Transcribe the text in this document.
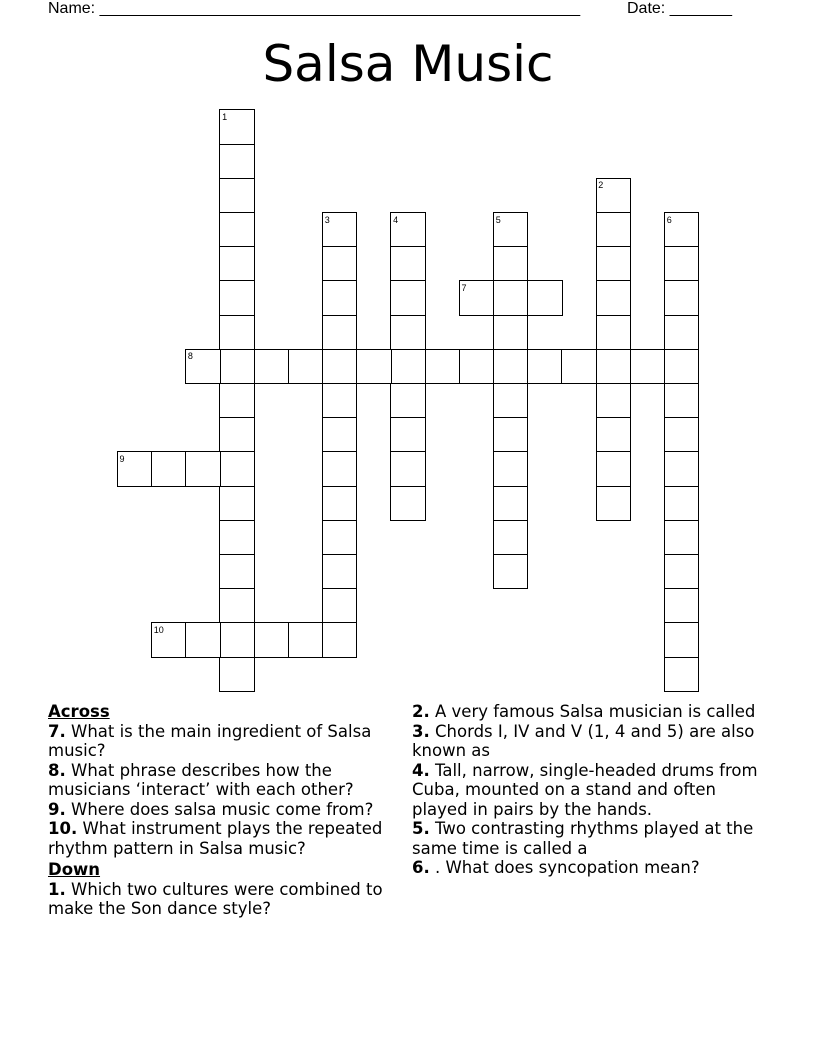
Name: ______________________________________________________	Date: _______
Salsa Music
1
2
3	4	5	6
7
8
9
10
Across
7. What is the main ingredient of Salsa music?
8. What phrase describes how the musicians ‘interact’ with each other?
9. Where does salsa music come from?
10. What instrument plays the repeated rhythm pattern in Salsa music?
Down
1. Which two cultures were combined to make the Son dance style?
2. A very famous Salsa musician is called
3. Chords I, IV and V (1, 4 and 5) are also known as
4. Tall, narrow, single-headed drums from Cuba, mounted on a stand and often played in pairs by the hands.
5. Two contrasting rhythms played at the same time is called a
6. . What does syncopation mean?
